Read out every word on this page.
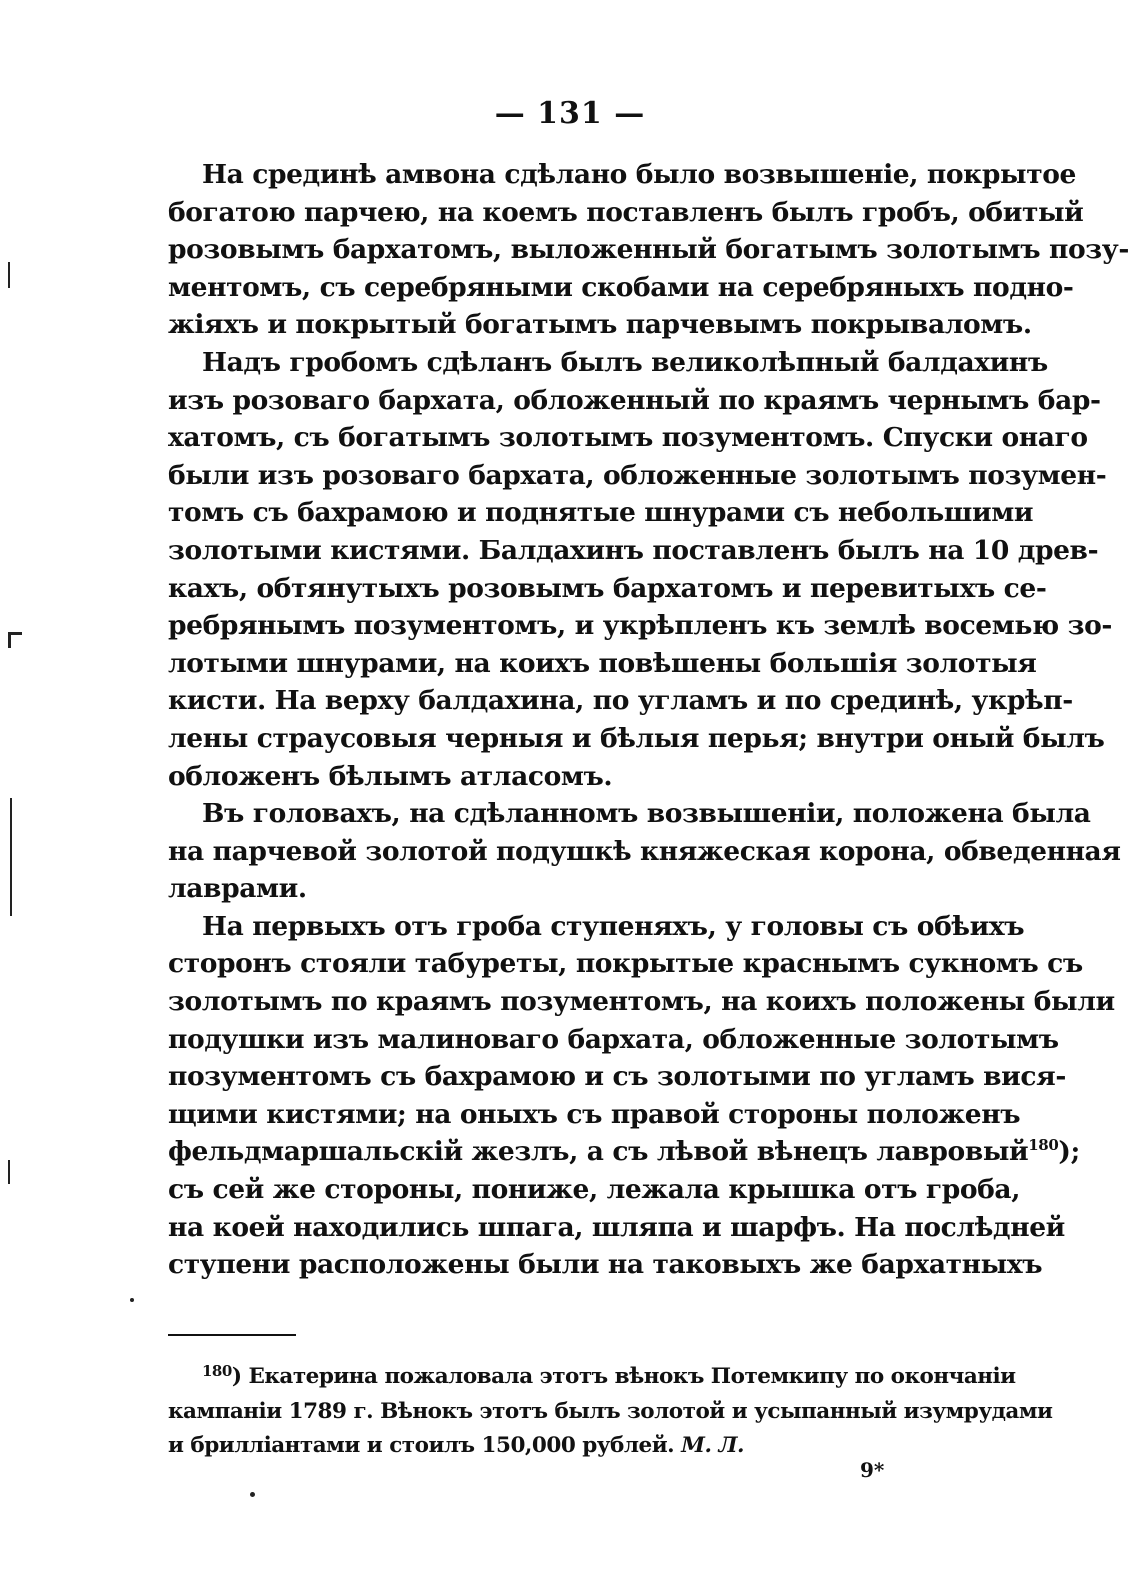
— 131 —
На срединѣ амвона сдѣлано было возвышеніе, покрытое
богатою парчею, на коемъ поставленъ былъ гробъ, обитый
розовымъ бархатомъ, выложенный богатымъ золотымъ позу-
ментомъ, съ серебряными скобами на серебряныхъ подно-
жіяхъ и покрытый богатымъ парчевымъ покрываломъ.
Надъ гробомъ сдѣланъ былъ великолѣпный балдахинъ
изъ розоваго бархата, обложенный по краямъ чернымъ бар-
хатомъ, съ богатымъ золотымъ позументомъ. Спуски онаго
были изъ розоваго бархата, обложенные золотымъ позумен-
томъ съ бахрамою и поднятые шнурами съ небольшими
золотыми кистями. Балдахинъ поставленъ былъ на 10 древ-
кахъ, обтянутыхъ розовымъ бархатомъ и перевитыхъ се-
ребрянымъ позументомъ, и укрѣпленъ къ землѣ восемью зо-
лотыми шнурами, на коихъ повѣшены большія золотыя
кисти. На верху балдахина, по угламъ и по срединѣ, укрѣп-
лены страусовыя черныя и бѣлыя перья; внутри оный былъ
обложенъ бѣлымъ атласомъ.
Въ головахъ, на сдѣланномъ возвышеніи, положена была
на парчевой золотой подушкѣ княжеская корона, обведенная
лаврами.
На первыхъ отъ гроба ступеняхъ, у головы съ обѣихъ
сторонъ стояли табуреты, покрытые краснымъ сукномъ съ
золотымъ по краямъ позументомъ, на коихъ положены были
подушки изъ малиноваго бархата, обложенные золотымъ
позументомъ съ бахрамою и съ золотыми по угламъ вися-
щими кистями; на оныхъ съ правой стороны положенъ
фельдмаршальскій жезлъ, а съ лѣвой вѣнецъ лавровый$^{180}$);
съ сей же стороны, пониже, лежала крышка отъ гроба,
на коей находились шпага, шляпа и шарфъ. На послѣдней
ступени расположены были на таковыхъ же бархатныхъ
$^{180}$) Екатерина пожаловала этотъ вѣнокъ Потемкипу по окончаніи
кампаніи 1789 г. Вѣнокъ этотъ былъ золотой и усыпанный изумрудами
и брилліантами и стоилъ 150,000 рублей. М. Л.
9*
